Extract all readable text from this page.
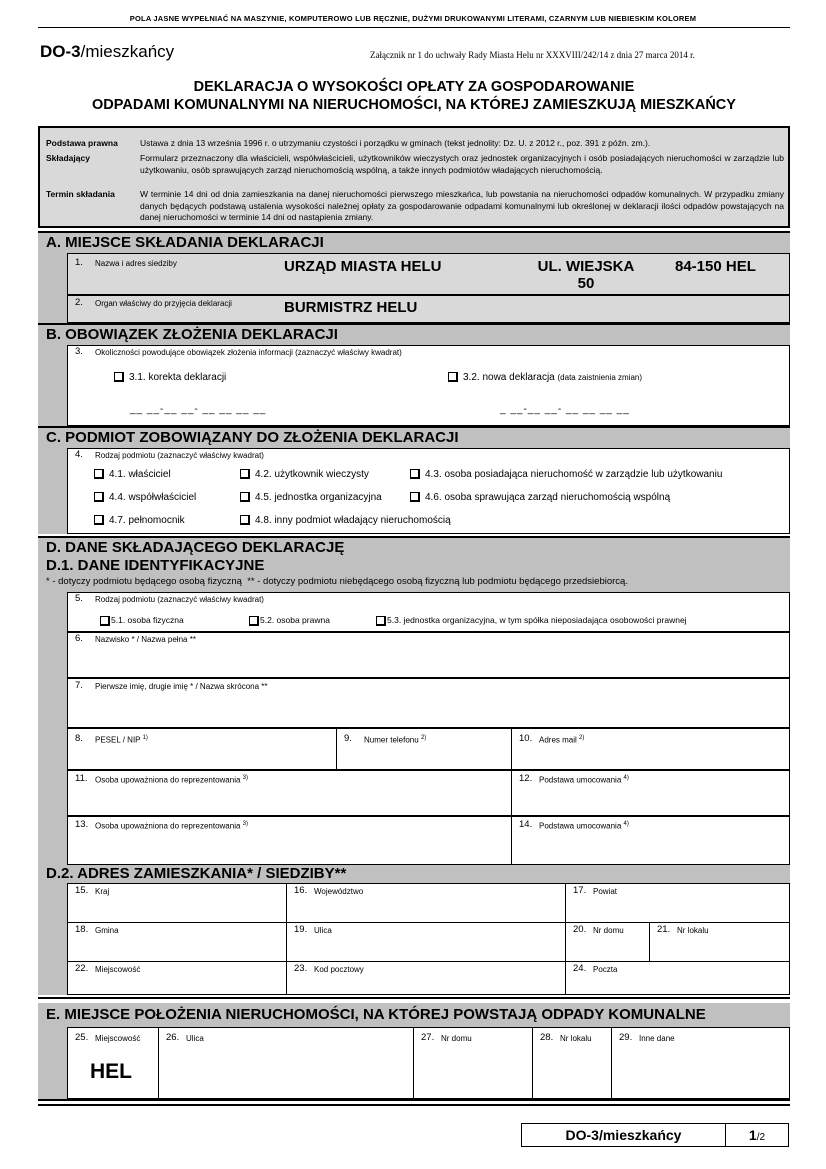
POLA JASNE WYPEŁNIAĆ NA MASZYNIE, KOMPUTEROWO LUB RĘCZNIE, DUŻYMI DRUKOWANYMI LITERAMI, CZARNYM LUB NIEBIESKIM KOLOREM
DO-3/mieszkańcy	Załącznik nr 1 do uchwały Rady Miasta Helu nr XXXVIII/242/14 z dnia 27 marca 2014 r.
DEKLARACJA O WYSOKOŚCI OPŁATY ZA GOSPODAROWANIE
ODPADAMI KOMUNALNYMI NA NIERUCHOMOŚCI, NA KTÓREJ ZAMIESZKUJĄ MIESZKAŃCY
Podstawa prawna	Ustawa z dnia 13 września 1996 r. o utrzymaniu czystości i porządku w gminach (tekst jednolity: Dz. U. z 2012 r., poz. 391 z późn. zm.).
Składający	Formularz przeznaczony dla właścicieli, współwłaścicieli, użytkowników wieczystych oraz jednostek organizacyjnych i osób posiadających nieruchomości w zarządzie lub użytkowaniu, osób sprawujących zarząd nieruchomością wspólną, a także innych podmiotów władających nieruchomością.
Termin składania	W terminie 14 dni od dnia zamieszkania na danej nieruchomości pierwszego mieszkańca, lub powstania na nieruchomości odpadów komunalnych. W przypadku zmiany danych będących podstawą ustalenia wysokości należnej opłaty za gospodarowanie odpadami komunalnymi lub określonej w deklaracji ilości odpadów powstających na danej nieruchomości w terminie 14 dni od nastąpienia zmiany.
A. MIEJSCE SKŁADANIA DEKLARACJI
1. Nazwa i adres siedziby	URZĄD MIASTA HELU	UL. WIEJSKA
50
84-150 HEL
2. Organ właściwy do przyjęcia deklaracji	BURMISTRZ HELU
B. OBOWIĄZEK ZŁOŻENIA DEKLARACJI
3. Okoliczności powodujące obowiązek złożenia informacji (zaznaczyć właściwy kwadrat)
3.1. korekta deklaracji	3.2. nowa deklaracja (data zaistnienia zmian)
__ __-__ __- __ __ __ __	_ __-__ __- __ __ __ __
C. PODMIOT ZOBOWIĄZANY DO ZŁOŻENIA DEKLARACJI
4. Rodzaj podmiotu (zaznaczyć właściwy kwadrat)
4.1. właściciel	4.2. użytkownik wieczysty	4.3. osoba posiadająca nieruchomość w zarządzie lub użytkowaniu
4.4. współwłaściciel	4.5. jednostka organizacyjna	4.6. osoba sprawująca zarząd nieruchomością wspólną
4.7. pełnomocnik	4.8. inny podmiot władający nieruchomością
D. DANE SKŁADAJĄCEGO DEKLARACJĘ
D.1. DANE IDENTYFIKACYJNE
* - dotyczy podmiotu będącego osobą fizyczną ** - dotyczy podmiotu niebędącego osobą fizyczną lub podmiotu będącego przedsiebiorcą.
5. Rodzaj podmiotu (zaznaczyć właściwy kwadrat)
5.1. osoba fizyczna	5.2. osoba prawna	5.3. jednostka organizacyjna, w tym spółka nieposiadająca osobowości prawnej
6. Nazwisko * / Nazwa pełna **
7. Pierwsze imię, drugie imię * / Nazwa skrócona **
8. PESEL / NIP $^{1)}$	9. Numer telefonu $^{2)}$	10. Adres mail $^{2)}$
11. Osoba upoważniona do reprezentowania $^{3)}$	12. Podstawa umocowania $^{4)}$
13. Osoba upoważniona do reprezentowania $^{3)}$	14. Podstawa umocowania $^{4)}$
D.2. ADRES ZAMIESZKANIA* / SIEDZIBY**
15. Kraj	16. Województwo	17. Powiat
18. Gmina	19. Ulica	20. Nr domu	21. Nr lokalu
22. Miejscowość	23. Kod pocztowy	24. Poczta
E. MIEJSCE POŁOŻENIA NIERUCHOMOŚCI, NA KTÓREJ POWSTAJĄ ODPADY KOMUNALNE
25. Miejscowość
HEL
26. Ulica	27. Nr domu	28. Nr lokalu	29. Inne dane
DO-3/mieszkańcy	1/2
